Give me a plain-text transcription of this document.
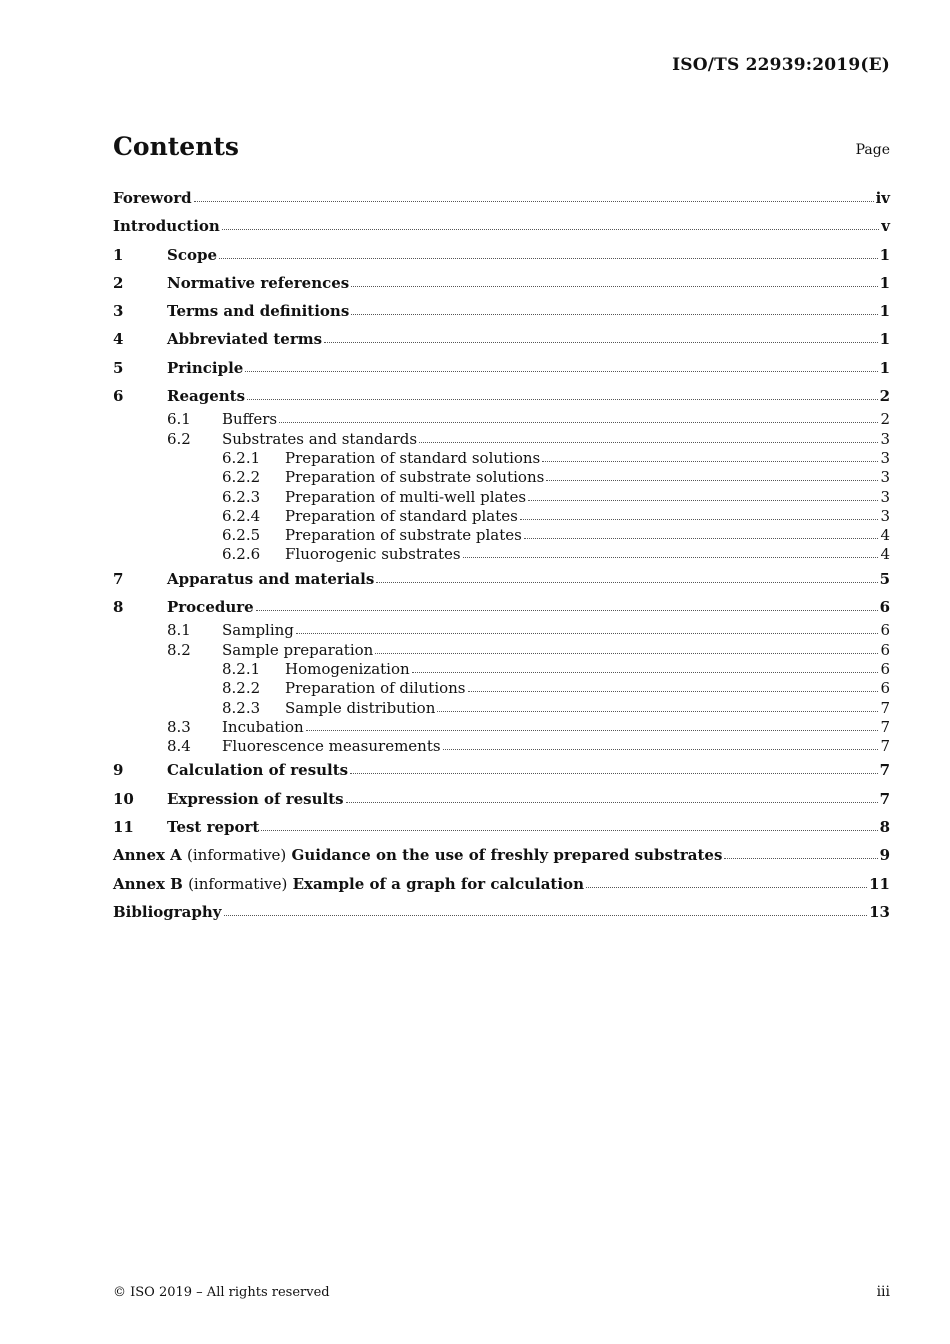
ISO/TS 22939:2019(E)
Contents	Page
Foreword	iv
Introduction	v
1	Scope	1
2	Normative references	1
3	Terms and definitions	1
4	Abbreviated terms	1
5	Principle	1
6	Reagents	2
6.1	Buffers	2
6.2	Substrates and standards	3
6.2.1	Preparation of standard solutions	3
6.2.2	Preparation of substrate solutions	3
6.2.3	Preparation of multi-well plates	3
6.2.4	Preparation of standard plates	3
6.2.5	Preparation of substrate plates	4
6.2.6	Fluorogenic substrates	4
7	Apparatus and materials	5
8	Procedure	6
8.1	Sampling	6
8.2	Sample preparation	6
8.2.1	Homogenization	6
8.2.2	Preparation of dilutions	6
8.2.3	Sample distribution	7
8.3	Incubation	7
8.4	Fluorescence measurements	7
9	Calculation of results	7
10	Expression of results	7
11	Test report	8
Annex A (informative) Guidance on the use of freshly prepared substrates	9
Annex B (informative) Example of a graph for calculation	11
Bibliography	13
© ISO 2019 – All rights reserved	iii
